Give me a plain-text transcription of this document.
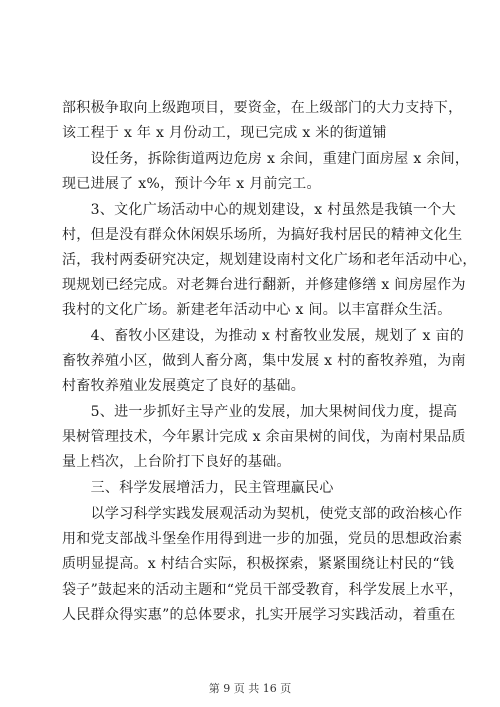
部积极争取向上级跑项目，要资金，在上级部门的大力支持下，
该工程于 x 年 x 月份动工，现已完成 x 米的街道铺
　　设任务，拆除街道两边危房 x 余间，重建门面房屋 x 余间，
现已进展了 x%，预计今年 x 月前完工。
　　3、文化广场活动中心的规划建设，x 村虽然是我镇一个大
村，但是没有群众休闲娱乐场所，为搞好我村居民的精神文化生
活，我村两委研究决定，规划建设南村文化广场和老年活动中心，
现规划已经完成。对老舞台进行翻新，并修建修缮 x 间房屋作为
我村的文化广场。新建老年活动中心 x 间。以丰富群众生活。
　　4、畜牧小区建设，为推动 x 村畜牧业发展，规划了 x 亩的
畜牧养殖小区，做到人畜分离，集中发展 x 村的畜牧养殖，为南
村畜牧养殖业发展奠定了良好的基础。
　　5、进一步抓好主导产业的发展，加大果树间伐力度，提高
果树管理技术，今年累计完成 x 余亩果树的间伐，为南村果品质
量上档次，上台阶打下良好的基础。
　　三、科学发展增活力，民主管理赢民心
　　以学习科学实践发展观活动为契机，使党支部的政治核心作
用和党支部战斗堡垒作用得到进一步的加强，党员的思想政治素
质明显提高。x 村结合实际，积极探索，紧紧围绕让村民的“钱
袋子”鼓起来的活动主题和“党员干部受教育，科学发展上水平，
人民群众得实惠”的总体要求，扎实开展学习实践活动，着重在
第 9 页 共 16 页
